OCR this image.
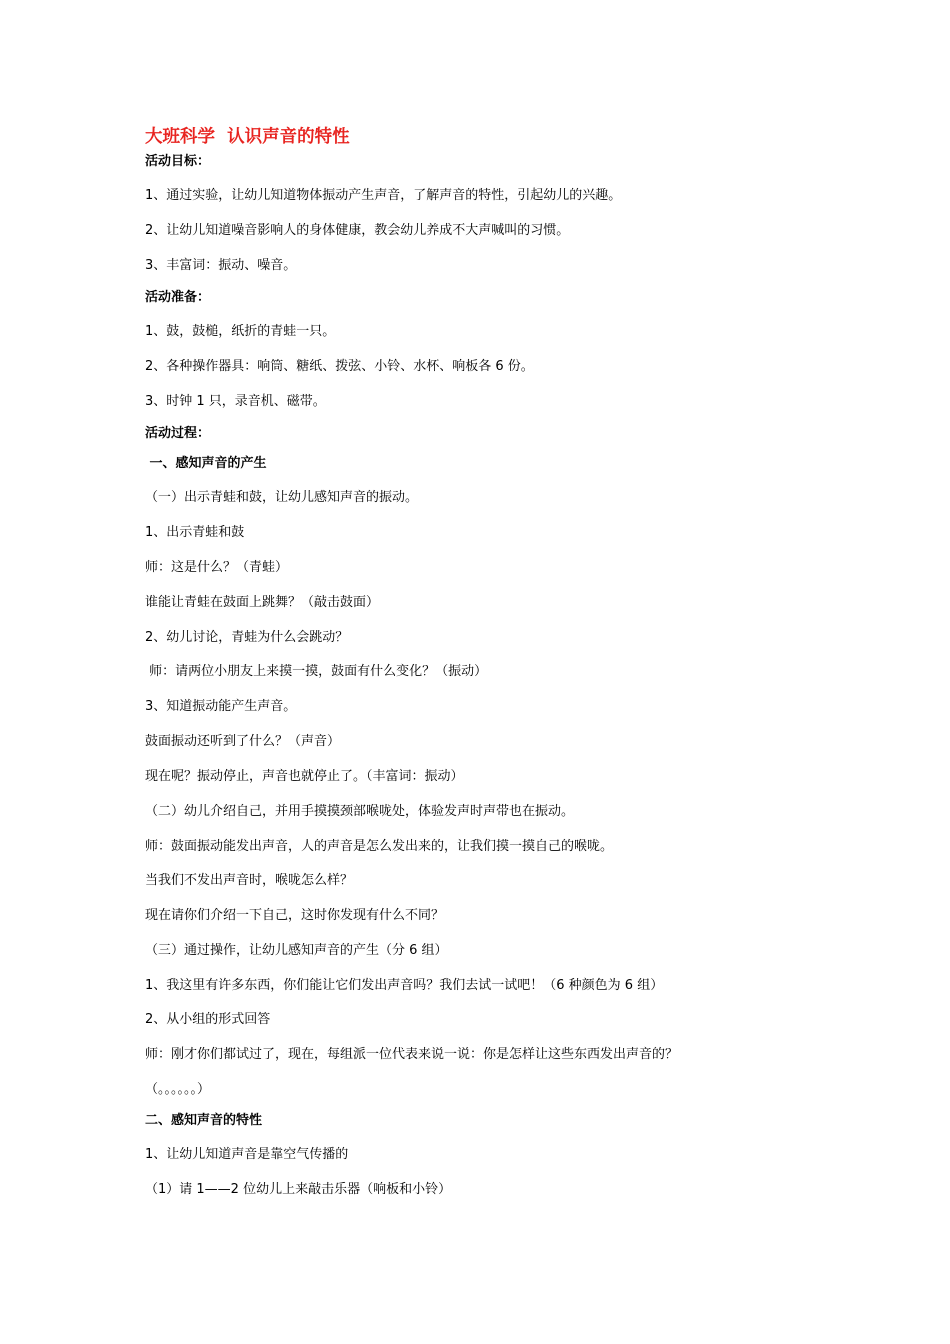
大班科学  认识声音的特性
活动目标：
1、通过实验，让幼儿知道物体振动产生声音，了解声音的特性，引起幼儿的兴趣。
2、让幼儿知道噪音影响人的身体健康，教会幼儿养成不大声喊叫的习惯。
3、丰富词：振动、噪音。
活动准备：
1、鼓，鼓槌，纸折的青蛙一只。
2、各种操作器具：响筒、糖纸、拨弦、小铃、水杯、响板各 6 份。
3、时钟 1 只，录音机、磁带。
活动过程：
一、感知声音的产生
（一）出示青蛙和鼓，让幼儿感知声音的振动。
1、出示青蛙和鼓
师：这是什么？（青蛙）
谁能让青蛙在鼓面上跳舞？（敲击鼓面）
2、幼儿讨论，青蛙为什么会跳动？
师：请两位小朋友上来摸一摸，鼓面有什么变化？（振动）
3、知道振动能产生声音。
鼓面振动还听到了什么？（声音）
现在呢？振动停止，声音也就停止了。（丰富词：振动）
（二）幼儿介绍自己，并用手摸摸颈部喉咙处，体验发声时声带也在振动。
师：鼓面振动能发出声音，人的声音是怎么发出来的，让我们摸一摸自己的喉咙。
当我们不发出声音时，喉咙怎么样？
现在请你们介绍一下自己，这时你发现有什么不同？
（三）通过操作，让幼儿感知声音的产生（分 6 组）
1、我这里有许多东西，你们能让它们发出声音吗？我们去试一试吧！（6 种颜色为 6 组）
2、从小组的形式回答
师：刚才你们都试过了，现在，每组派一位代表来说一说：你是怎样让这些东西发出声音的？
（。。。。。。）
二、感知声音的特性
1、让幼儿知道声音是靠空气传播的
（1）请 1——2 位幼儿上来敲击乐器（响板和小铃）
